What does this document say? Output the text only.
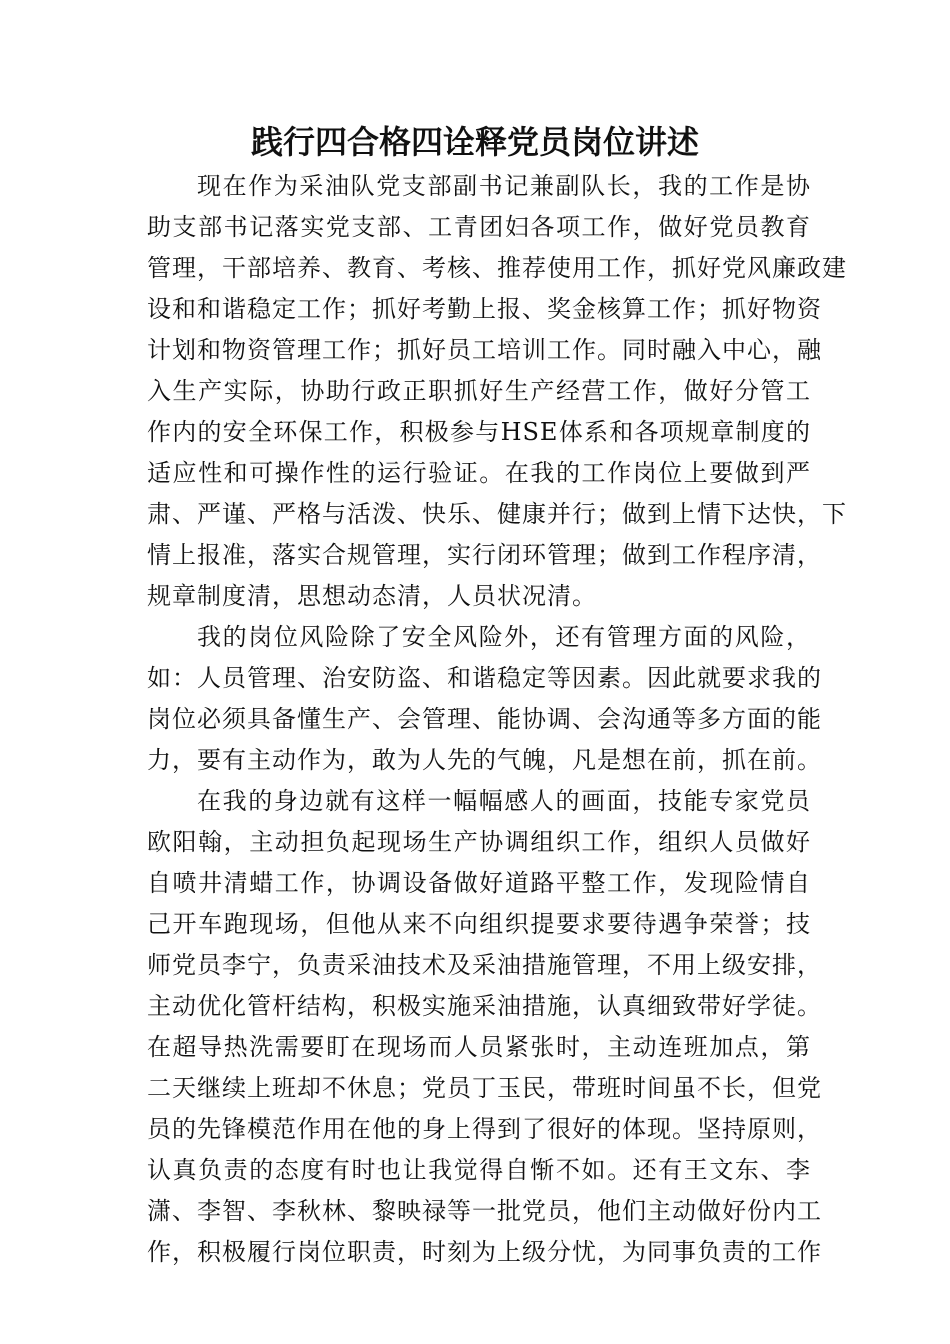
践行四合格四诠释党员岗位讲述
现在作为采油队党支部副书记兼副队长，我的工作是协
助支部书记落实党支部、工青团妇各项工作，做好党员教育
管理，干部培养、教育、考核、推荐使用工作，抓好党风廉政建
设和和谐稳定工作；抓好考勤上报、奖金核算工作；抓好物资
计划和物资管理工作；抓好员工培训工作。同时融入中心，融
入生产实际，协助行政正职抓好生产经营工作，做好分管工
作内的安全环保工作，积极参与HSE体系和各项规章制度的
适应性和可操作性的运行验证。在我的工作岗位上要做到严
肃、严谨、严格与活泼、快乐、健康并行；做到上情下达快，下
情上报准，落实合规管理，实行闭环管理；做到工作程序清，
规章制度清，思想动态清，人员状况清。
我的岗位风险除了安全风险外，还有管理方面的风险，
如：人员管理、治安防盗、和谐稳定等因素。因此就要求我的
岗位必须具备懂生产、会管理、能协调、会沟通等多方面的能
力，要有主动作为，敢为人先的气魄，凡是想在前，抓在前。
在我的身边就有这样一幅幅感人的画面，技能专家党员
欧阳翰，主动担负起现场生产协调组织工作，组织人员做好
自喷井清蜡工作，协调设备做好道路平整工作，发现险情自
己开车跑现场，但他从来不向组织提要求要待遇争荣誉；技
师党员李宁，负责采油技术及采油措施管理，不用上级安排，
主动优化管杆结构，积极实施采油措施，认真细致带好学徒。
在超导热洗需要盯在现场而人员紧张时，主动连班加点，第
二天继续上班却不休息；党员丁玉民，带班时间虽不长，但党
员的先锋模范作用在他的身上得到了很好的体现。坚持原则，
认真负责的态度有时也让我觉得自惭不如。还有王文东、李
潇、李智、李秋林、黎映禄等一批党员，他们主动做好份内工
作，积极履行岗位职责，时刻为上级分忧，为同事负责的工作
